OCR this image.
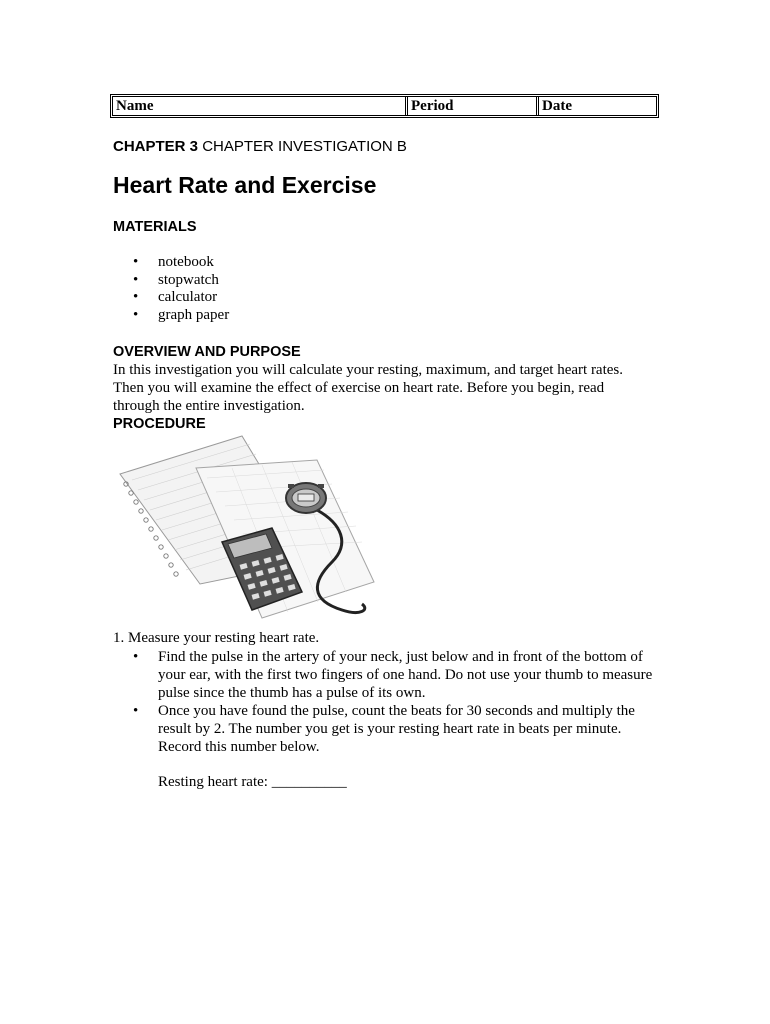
Name	Period	Date
CHAPTER 3 CHAPTER INVESTIGATION B
Heart Rate and Exercise
MATERIALS
• notebook
• stopwatch
• calculator
• graph paper
OVERVIEW AND PURPOSE

In this investigation you will calculate your resting, maximum, and target heart rates. Then you will examine the effect of exercise on heart rate. Before you begin, read through the entire investigation.

PROCEDURE

1. Measure your resting heart rate.

• Find the pulse in the artery of your neck, just below and in front of the bottom of your ear, with the first two fingers of one hand. Do not use your thumb to measure pulse since the thumb has a pulse of its own.
• Once you have found the pulse, count the beats for 30 seconds and multiply the result by 2. The number you get is your resting heart rate in beats per minute. Record this number below.

Resting heart rate: __________
